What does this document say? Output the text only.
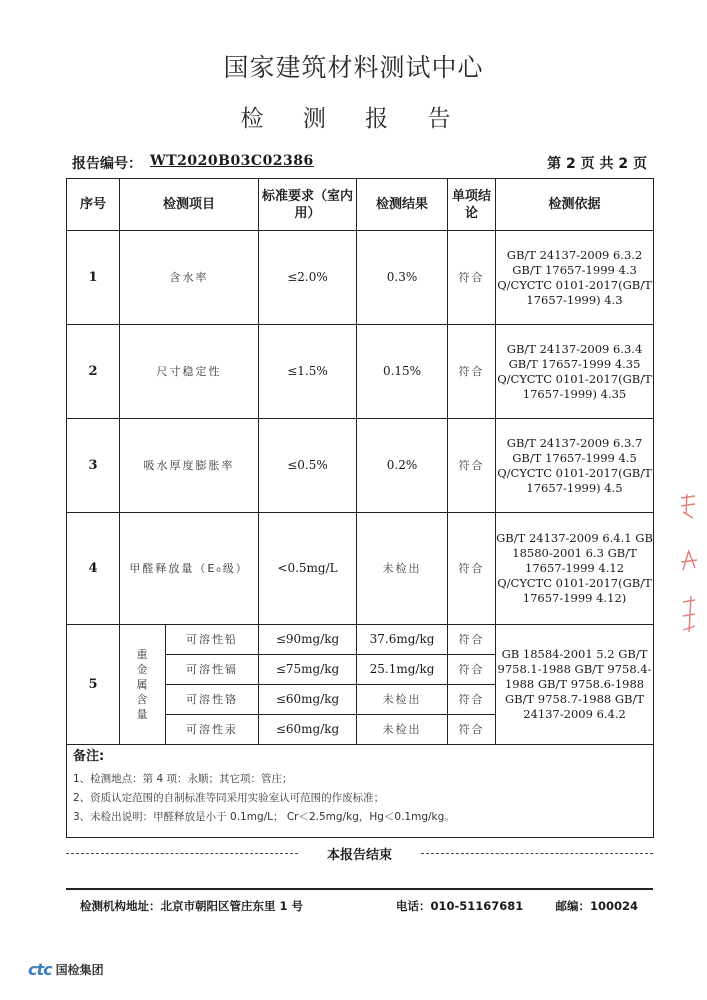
国家建筑材料测试中心
检 测 报 告
报告编号： WT2020B03C02386	第 2 页 共 2 页
序号	检测项目		标准要求（室内用）	检测结果	单项结论	检测依据
1	含水率		≤2.0%	0.3%	符合	GB/T 24137-2009 6.3.2 GB/T 17657-1999 4.3 Q/CYCTC 0101-2017(GB/T 17657-1999) 4.3
2	尺寸稳定性		≤1.5%	0.15%	符合	GB/T 24137-2009 6.3.4 GB/T 17657-1999 4.35 Q/CYCTC 0101-2017(GB/T 17657-1999) 4.35
3	吸水厚度膨胀率		≤0.5%	0.2%	符合	GB/T 24137-2009 6.3.7 GB/T 17657-1999 4.5 Q/CYCTC 0101-2017(GB/T 17657-1999) 4.5
4	甲醛释放量（E₀级）		<0.5mg/L	未检出	符合	GB/T 24137-2009 6.4.1 GB 18580-2001 6.3 GB/T 17657-1999 4.12 Q/CYCTC 0101-2017(GB/T 17657-1999 4.12)
5	重金属含量	可溶性铅	≤90mg/kg	37.6mg/kg	符合	GB 18584-2001 5.2 GB/T 9758.1-1988 GB/T 9758.4-1988 GB/T 9758.6-1988 GB/T 9758.7-1988 GB/T 24137-2009 6.4.2
		可溶性镉	≤75mg/kg	25.1mg/kg	符合	
		可溶性铬	≤60mg/kg	未检出	符合	
		可溶性汞	≤60mg/kg	未检出	符合	

备注:
1、检测地点：第 4 项：永顺；其它项：管庄；
2、资质认定范围的自制标准等同采用实验室认可范围的作废标准；
3、未检出说明：甲醛释放是小于 0.1mg/L； Cr＜2.5mg/kg，Hg＜0.1mg/kg。						
本报告结束
检测机构地址：北京市朝阳区管庄东里 1 号	电话：010-51167681	邮编：100024
ctc 国检集团
